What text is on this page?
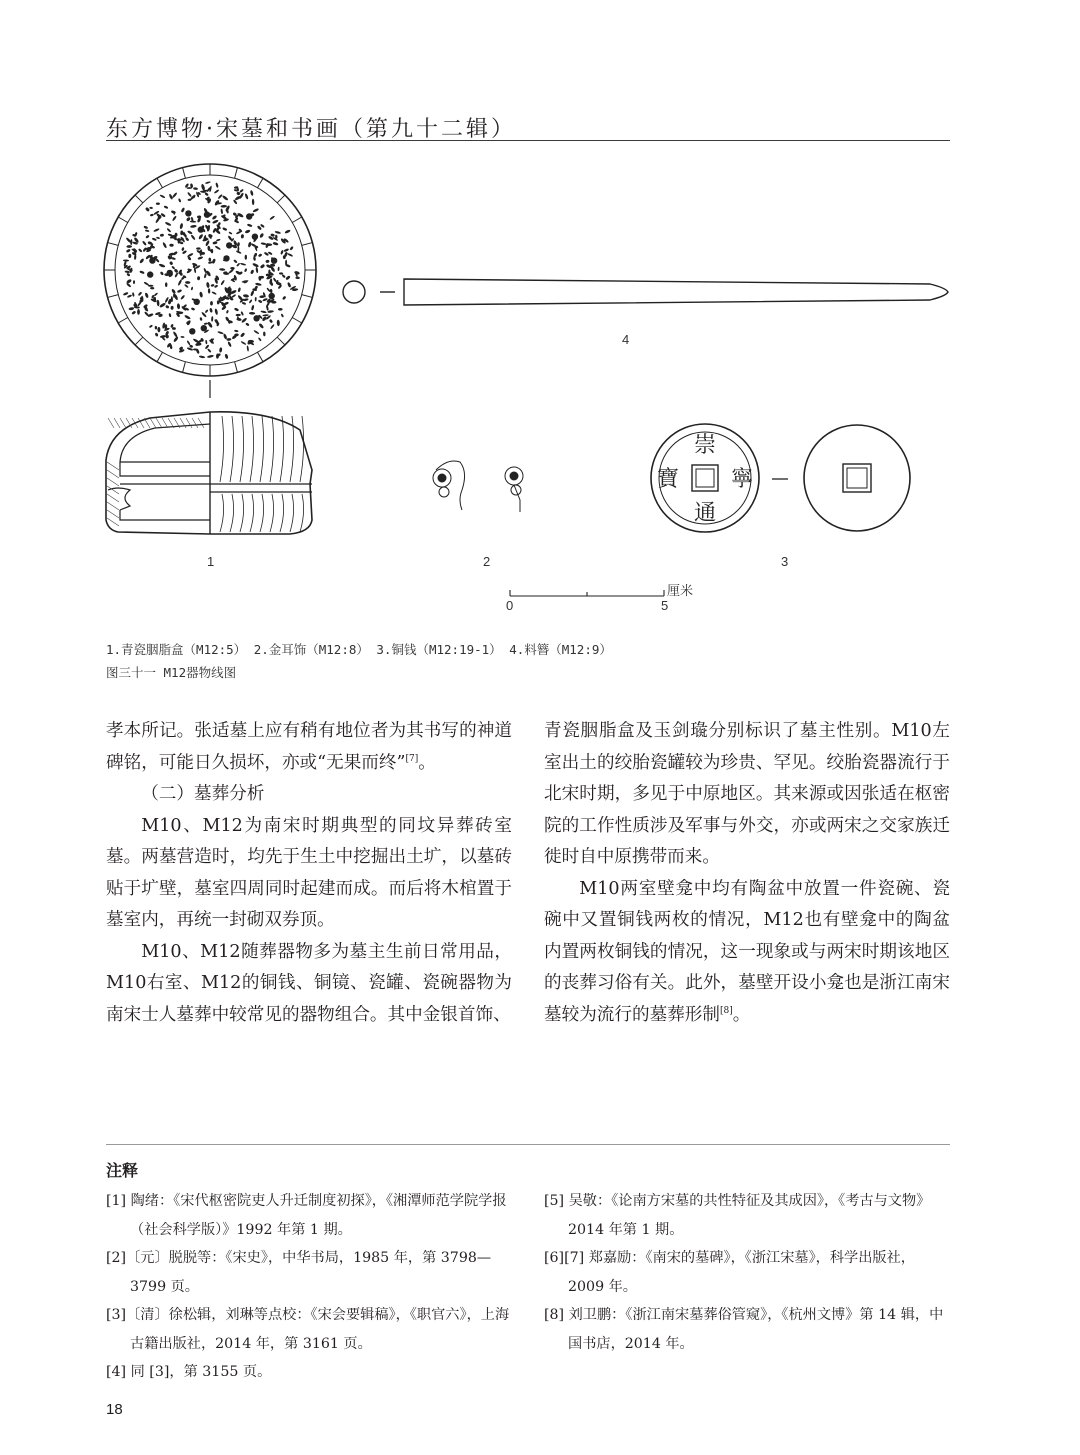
东方博物·宋墓和书画（第九十二辑）
崇
寧
通
寶
4
1	2	3
0	5
厘米
1.青瓷胭脂盒（M12:5） 2.金耳饰（M12:8） 3.铜钱（M12:19-1） 4.料簪（M12:9）
图三十一 M12器物线图

孝本所记。张适墓上应有稍有地位者为其书写的神道碑铭，可能日久损坏，亦或“无果而终”[7]。

（二）墓葬分析

M10、M12为南宋时期典型的同坟异葬砖室墓。两墓营造时，均先于生土中挖掘出土圹，以墓砖贴于圹壁，墓室四周同时起建而成。而后将木棺置于墓室内，再统一封砌双券顶。

M10、M12随葬器物多为墓主生前日常用品，M10右室、M12的铜钱、铜镜、瓷罐、瓷碗器物为南宋士人墓葬中较常见的器物组合。其中金银首饰、

青瓷胭脂盒及玉剑璏分别标识了墓主性别。M10左室出土的绞胎瓷罐较为珍贵、罕见。绞胎瓷器流行于北宋时期，多见于中原地区。其来源或因张适在枢密院的工作性质涉及军事与外交，亦或两宋之交家族迁徙时自中原携带而来。

M10两室壁龛中均有陶盆中放置一件瓷碗、瓷碗中又置铜钱两枚的情况，M12也有壁龛中的陶盆内置两枚铜钱的情况，这一现象或与两宋时期该地区的丧葬习俗有关。此外，墓壁开设小龛也是浙江南宋墓较为流行的墓葬形制[8]。

注释

[1] 陶绪：《宋代枢密院吏人升迁制度初探》，《湘潭师范学院学报（社会科学版）》1992 年第 1 期。

[2]〔元〕脱脱等：《宋史》，中华书局，1985 年，第 3798—3799 页。

[3]〔清〕徐松辑，刘琳等点校：《宋会要辑稿》，《职官六》，上海古籍出版社，2014 年，第 3161 页。

[4] 同 [3]，第 3155 页。

[5] 吴敬：《论南方宋墓的共性特征及其成因》，《考古与文物》2014 年第 1 期。

[6][7] 郑嘉励：《南宋的墓碑》，《浙江宋墓》，科学出版社，2009 年。

[8] 刘卫鹏：《浙江南宋墓葬俗管窥》，《杭州文博》第 14 辑，中国书店，2014 年。

18
